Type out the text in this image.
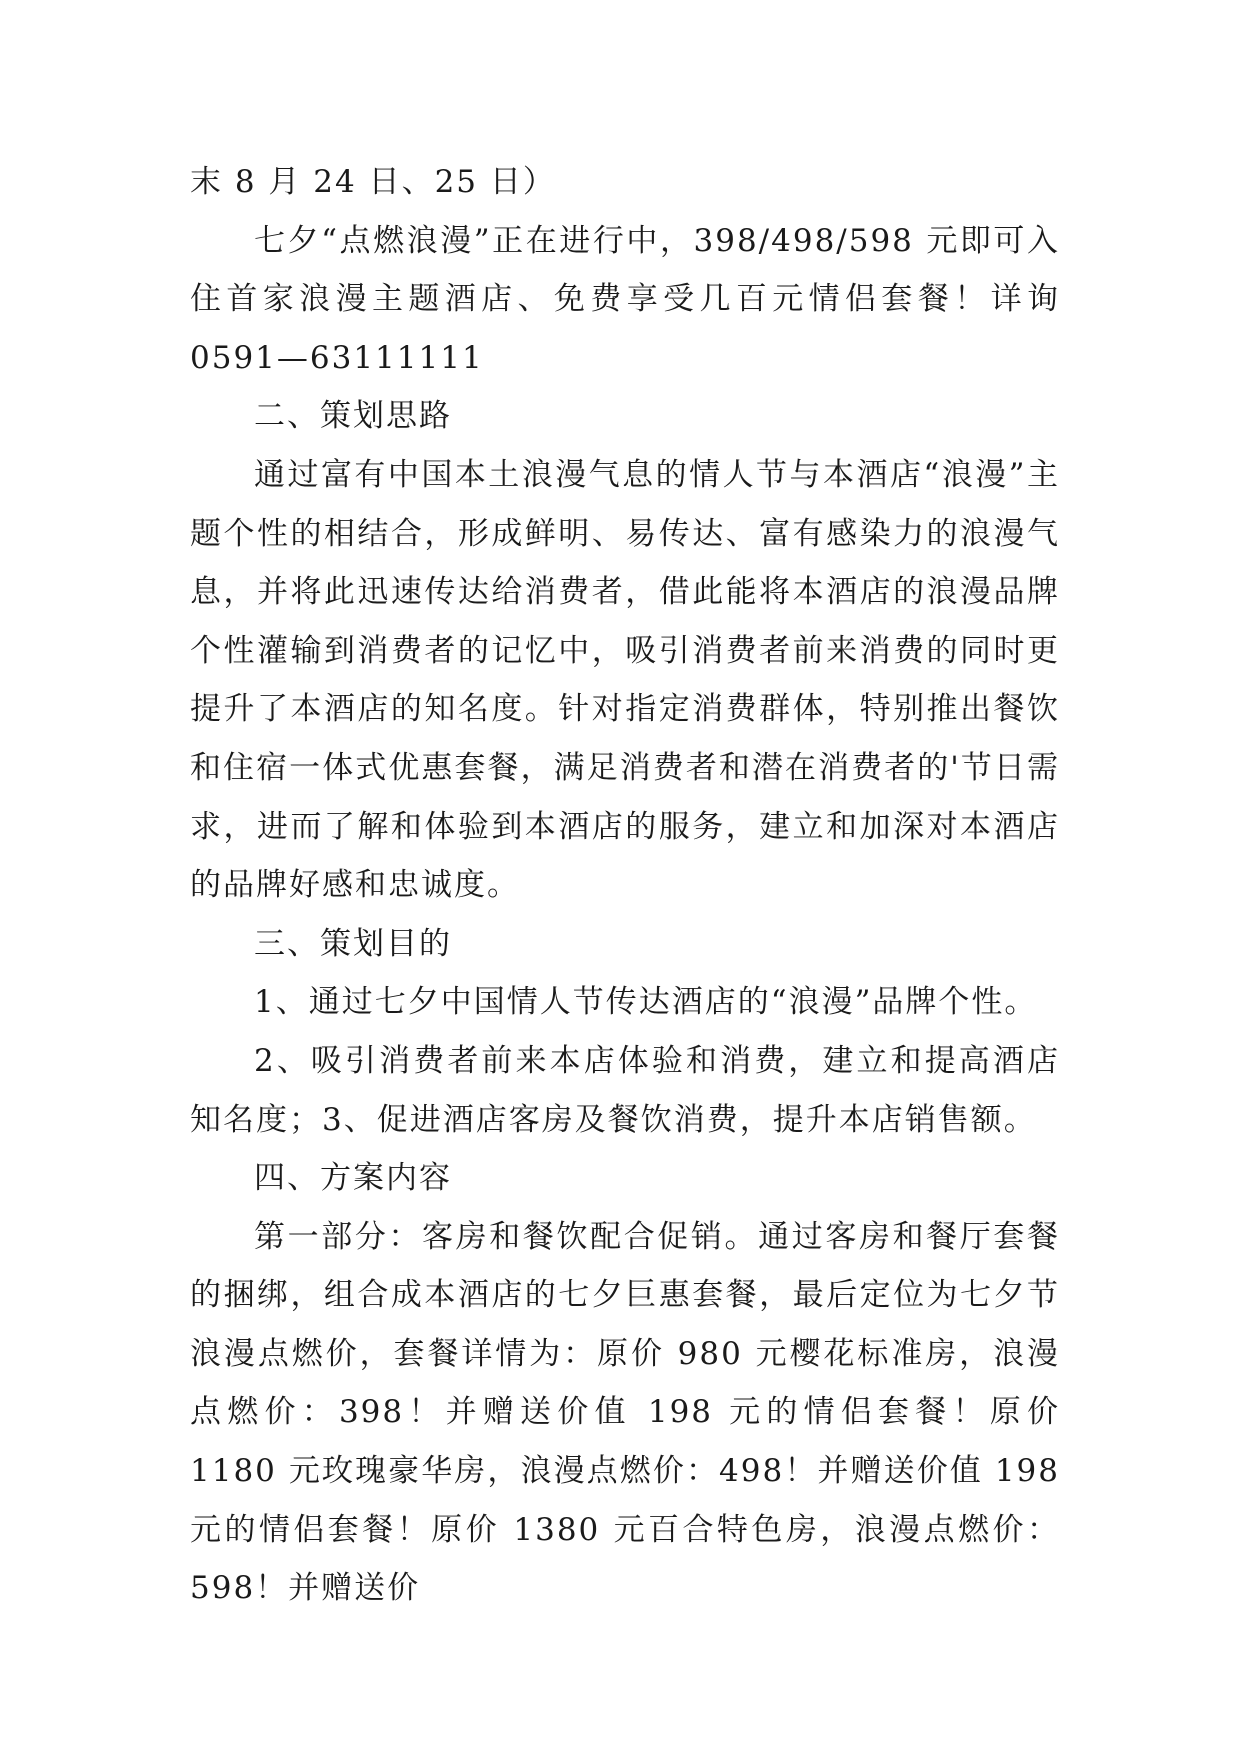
末 8 月 24 日、25 日）

七夕“点燃浪漫”正在进行中，398/498/598 元即可入住首家浪漫主题酒店、免费享受几百元情侣套餐！详询 0591—63111111

二、策划思路

通过富有中国本土浪漫气息的情人节与本酒店“浪漫”主题个性的相结合，形成鲜明、易传达、富有感染力的浪漫气息，并将此迅速传达给消费者，借此能将本酒店的浪漫品牌个性灌输到消费者的记忆中，吸引消费者前来消费的同时更提升了本酒店的知名度。针对指定消费群体，特别推出餐饮和住宿一体式优惠套餐，满足消费者和潜在消费者的'节日需求，进而了解和体验到本酒店的服务，建立和加深对本酒店的品牌好感和忠诚度。

三、策划目的

1、通过七夕中国情人节传达酒店的“浪漫”品牌个性。

2、吸引消费者前来本店体验和消费，建立和提高酒店知名度；3、促进酒店客房及餐饮消费，提升本店销售额。

四、方案内容

第一部分：客房和餐饮配合促销。通过客房和餐厅套餐的捆绑，组合成本酒店的七夕巨惠套餐，最后定位为七夕节浪漫点燃价，套餐详情为：原价 980 元樱花标准房，浪漫点燃价：398！并赠送价值 198 元的情侣套餐！原价 1180 元玫瑰豪华房，浪漫点燃价：498！并赠送价值 198 元的情侣套餐！原价 1380 元百合特色房，浪漫点燃价：598！并赠送价
